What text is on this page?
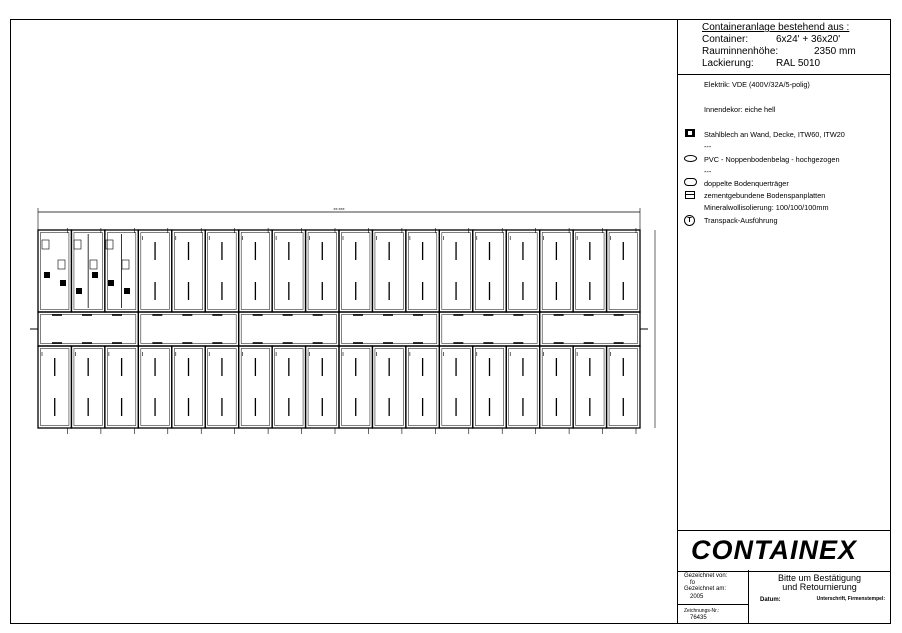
xx xxx
Containeranlage bestehend aus :
Container:	6x24' + 36x20'
Rauminnenhöhe:	2350 mm
Lackierung: RAL 5010
Elektrik: VDE (400V/32A/5-polig)
Innendekor: eiche hell
Stahlblech an Wand, Decke, ITW60, ITW20
---
PVC - Noppenbodenbelag - hochgezogen
---
doppelte Bodenquerträger
zementgebundene Bodenspanplatten
Mineralwollisolierung: 100/100/100mm
T	Transpack-Ausführung
CONTAINEX
Gezeichnet von:
fo
Gezeichnet am:
2005
Zeichnungs-Nr.:
76435
Bitte um Bestätigung
und Retournierung
Datum:	Unterschrift, Firmenstempel:
